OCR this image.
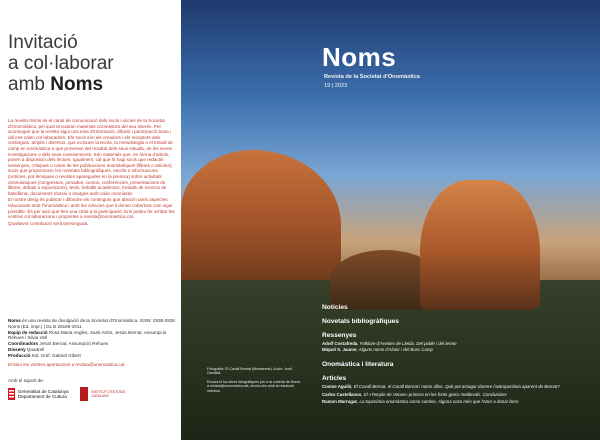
Invitació
a col·laborar
amb Noms

La revista Noms és el canal de comunicació dels socis i sòcies de la Societat d'Onomàstica, pel qual circularan materials onomàstics del seu interès. Per aconseguir que la revista sigui una eina d'informació, difusió i participació bona i útil ens calen col·laboradors. Els socis són els creadors i els receptors dels continguts, amplis i diversos, que inclouen la teoria, la metodologia o el treball de camp en onomàstica o que provenen del resultat dels seus estudis, de les seves investigacions o dels seus coneixements. Són materials que, en forma d'article, posen a disposició dels lectors. Igualment, cal que hi hagi socis que redactin ressenyes, crítiques o notes de les publicacions onomàstiques (llibres o articles); socis que proporcionin les novetats bibliogràfiques, escrits o informacions (notícies, pol·lèmiques o revistes aparegudes en la premsa) sobre activitats onomàstiques (congressos, jornades, cursos, conferències, presentacions de llibres, debats o exposicions), tesis, treballs acadèmics, treballs de recerca de batxillerat, documents d'arxiu o imatges amb valor onomàstic.

El nostre desig és publicar i difondre els continguts que abracin tants aspectes relacionats amb l'onomàstica i amb les ciències que li donen cobertura com sigui possible. És per això que fem una crida a la participació. Ens podeu fer arribar les vostres col·laboracions i propostes a revista@onomastica.cat.

Qualsevol contribució serà benvinguda.

Noms és una revista de divulgació de la Societat d'Onomàstica. ISSN: 2938-2826 Noms (Ed. impr.) | DL B 26186-2011

Equip de redacció Rosa Maria Anglès, Santi Artés, Jesús Bernat, Assumpció Rehues i Silvia Vell

Coordinadors Jesús Bernat, Assumpció Rehues

Disseny Quadrell

Producció Ind. Gràf. Gabriel Gibert

Envieu les vostres aportacions a revista@onomastica.cat.

Amb el suport de:
Generalitat de Catalunya Departament de Cultura
INSTITUT D'ESTUDIS CATALANS
Noms
Revista de la Societat d'Onomàstica
19 | 2023
Fotografia: El Cavall Bernat (Montserrat). Autor: Jordi Gavaldà
Encara hi ha obres fotogràfiques per a la coberta de Noms a revista@onomastica.cat, envieu-les amb la resolució màxima

Notícies

Novetats bibliogràfiques

Ressenyes

Adolf Costafreda, Folklore d'Arestes de Lleida. Del poble i del terme

Miquel S. Jaume, Alguns noms d'Alaior i del Bosc Camp

Onomàstica i literatura

Articles

Cosme Aguiló, El Cavall Bernat, el Carall Bernat i noms afins. Què pot amagar darrere l'antroponímia aparent de Bernat?

Carles Castellanos, El «Temple de Venus» primera en les fonts grecs medievals. Conclusions

Ramon Marrugat, La toponímia onomàstica como camino. Alguna cosa més que l'aner a donar ferro
